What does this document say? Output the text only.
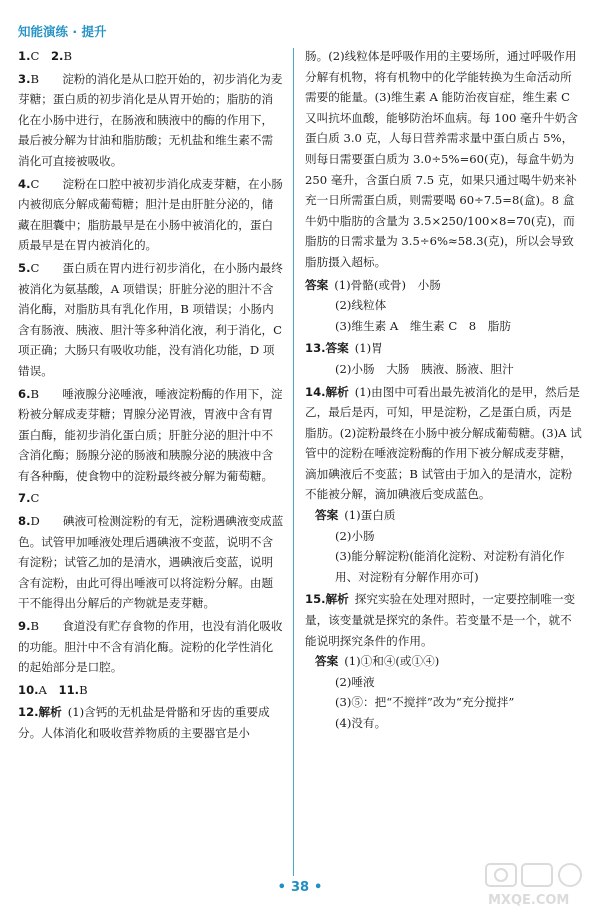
知能演练 · 提升

1.C　2.B

3.B　　淀粉的消化是从口腔开始的，初步消化为麦芽糖；蛋白质的初步消化是从胃开始的；脂肪的消化在小肠中进行，在肠液和胰液中的酶的作用下，最后被分解为甘油和脂肪酸；无机盐和维生素不需消化可直接被吸收。

4.C　　淀粉在口腔中被初步消化成麦芽糖，在小肠内被彻底分解成葡萄糖；胆汁是由肝脏分泌的，储藏在胆囊中；脂肪最早是在小肠中被消化的，蛋白质最早是在胃内被消化的。

5.C　　蛋白质在胃内进行初步消化，在小肠内最终被消化为氨基酸，A 项错误；肝脏分泌的胆汁不含消化酶，对脂肪具有乳化作用，B 项错误；小肠内含有肠液、胰液、胆汁等多种消化液，利于消化，C 项正确；大肠只有吸收功能，没有消化功能，D 项错误。

6.B　　唾液腺分泌唾液，唾液淀粉酶的作用下，淀粉被分解成麦芽糖；胃腺分泌胃液，胃液中含有胃蛋白酶，能初步消化蛋白质；肝脏分泌的胆汁中不含消化酶；肠腺分泌的肠液和胰腺分泌的胰液中含有各种酶，使食物中的淀粉最终被分解为葡萄糖。

7.C

8.D　　碘液可检测淀粉的有无，淀粉遇碘液变成蓝色。试管甲加唾液处理后遇碘液不变蓝，说明不含有淀粉；试管乙加的是清水，遇碘液后变蓝，说明含有淀粉，由此可得出唾液可以将淀粉分解。由题干不能得出分解后的产物就是麦芽糖。

9.B　　食道没有贮存食物的作用，也没有消化吸收的功能。胆汁中不含有消化酶。淀粉的化学性消化的起始部分是口腔。

10.A　11.B

12.解析 (1)含钙的无机盐是骨骼和牙齿的重要成分。人体消化和吸收营养物质的主要器官是小

肠。(2)线粒体是呼吸作用的主要场所，通过呼吸作用分解有机物，将有机物中的化学能转换为生命活动所需要的能量。(3)维生素 A 能防治夜盲症，维生素 C 又叫抗坏血酸，能够防治坏血病。每 100 毫升牛奶含蛋白质 3.0 克，人每日营养需求量中蛋白质占 5%，则每日需要蛋白质为 3.0÷5%=60(克)，每盒牛奶为 250 毫升，含蛋白质 7.5 克，如果只通过喝牛奶来补充一日所需蛋白质，则需要喝 60÷7.5=8(盒)。8 盒牛奶中脂肪的含量为 3.5×250/100×8=70(克)，而脂肪的日需求量为 3.5÷6%≈58.3(克)，所以会导致脂肪摄入超标。

答案 (1)骨骼(或骨)　小肠

(2)线粒体

(3)维生素 A　维生素 C　8　脂肪

13.答案 (1)胃

(2)小肠　大肠　胰液、肠液、胆汁

14.解析 (1)由图中可看出最先被消化的是甲，然后是乙，最后是丙，可知，甲是淀粉，乙是蛋白质，丙是脂肪。(2)淀粉最终在小肠中被分解成葡萄糖。(3)A 试管中的淀粉在唾液淀粉酶的作用下被分解成麦芽糖，滴加碘液后不变蓝；B 试管由于加入的是清水，淀粉不能被分解，滴加碘液后变成蓝色。

答案 (1)蛋白质

(2)小肠

(3)能分解淀粉(能消化淀粉、对淀粉有消化作用、对淀粉有分解作用亦可)

15.解析 探究实验在处理对照时，一定要控制唯一变量，该变量就是探究的条件。若变量不是一个，就不能说明探究条件的作用。

答案 (1)①和④(或①④)

(2)唾液

(3)⑤：把“不搅拌”改为“充分搅拌”

(4)没有。

• 38 •
MXQE.COM
